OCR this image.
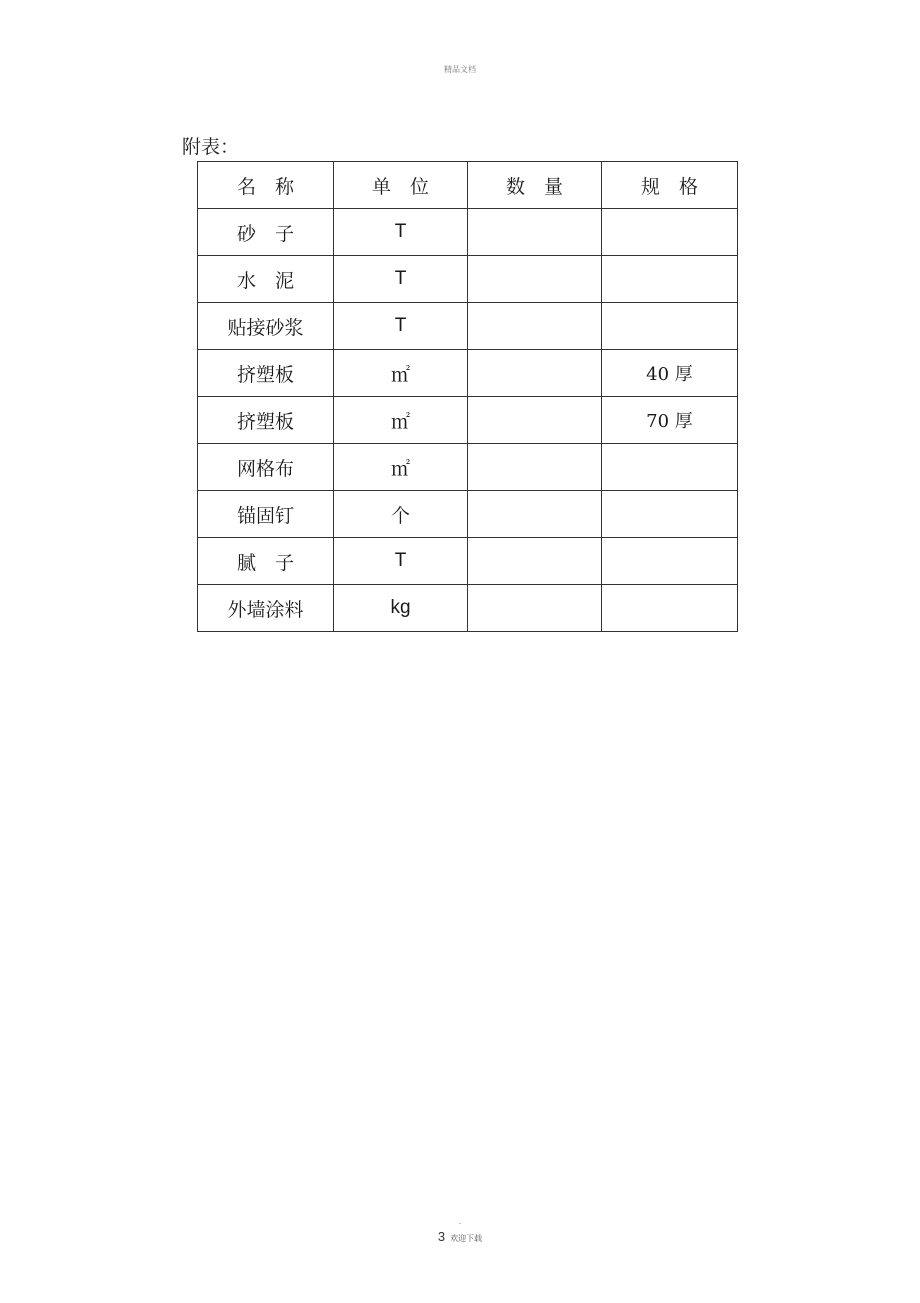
精品文档
附表：
名　称	单　位	数　量	规　格
砂　子	T		
水　泥	T		
贴接砂浆	T		
挤塑板	㎡		40 厚
挤塑板	㎡		70 厚
网格布	㎡		
锚固钉	个		
腻　子	T		
外墙涂料	kg		
.
3 欢迎下载
